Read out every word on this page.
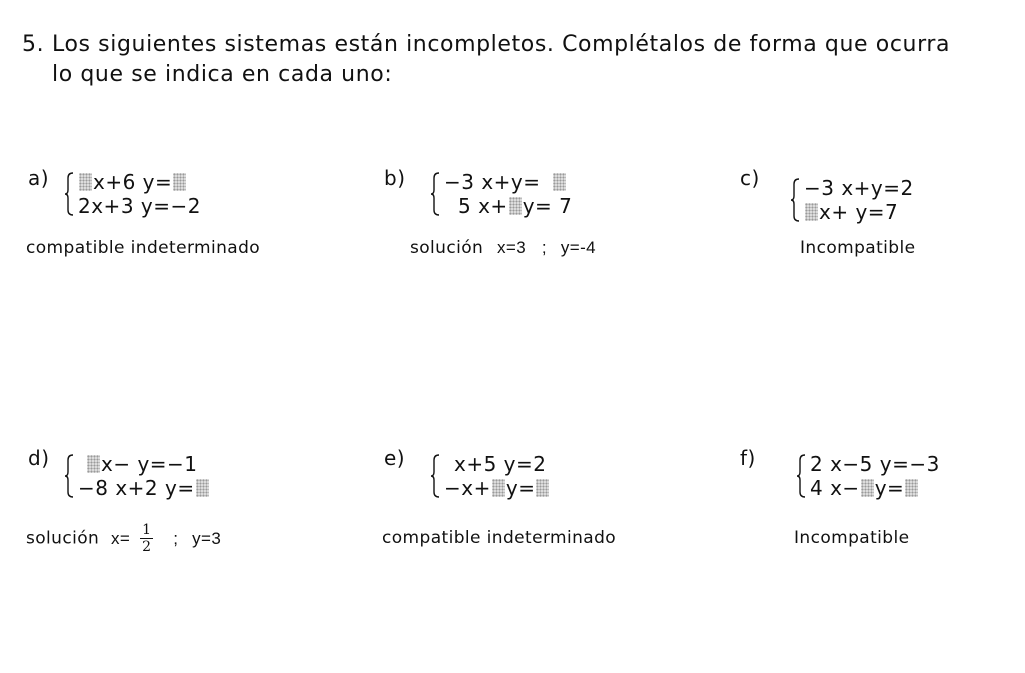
5. Los siguientes sistemas están incompletos. Complétalos de forma que ocurra
lo que se indica en cada uno:
a)	x+6 y=
2x+3 y=−2
compatible indeterminado
b) −3 x+y=
5 x+ y= 7
solución x=3 ; y=-4
c) −3 x+y=2
x+ y=7
Incompatible
d)	x− y=−1
−8 x+2 y=
solución $x= \frac{1}{2}$ ; y=3
e)	x+5 y=2
−x+ y=
compatible indeterminado
f)	2 x−5 y=−3
4 x− y=
Incompatible
